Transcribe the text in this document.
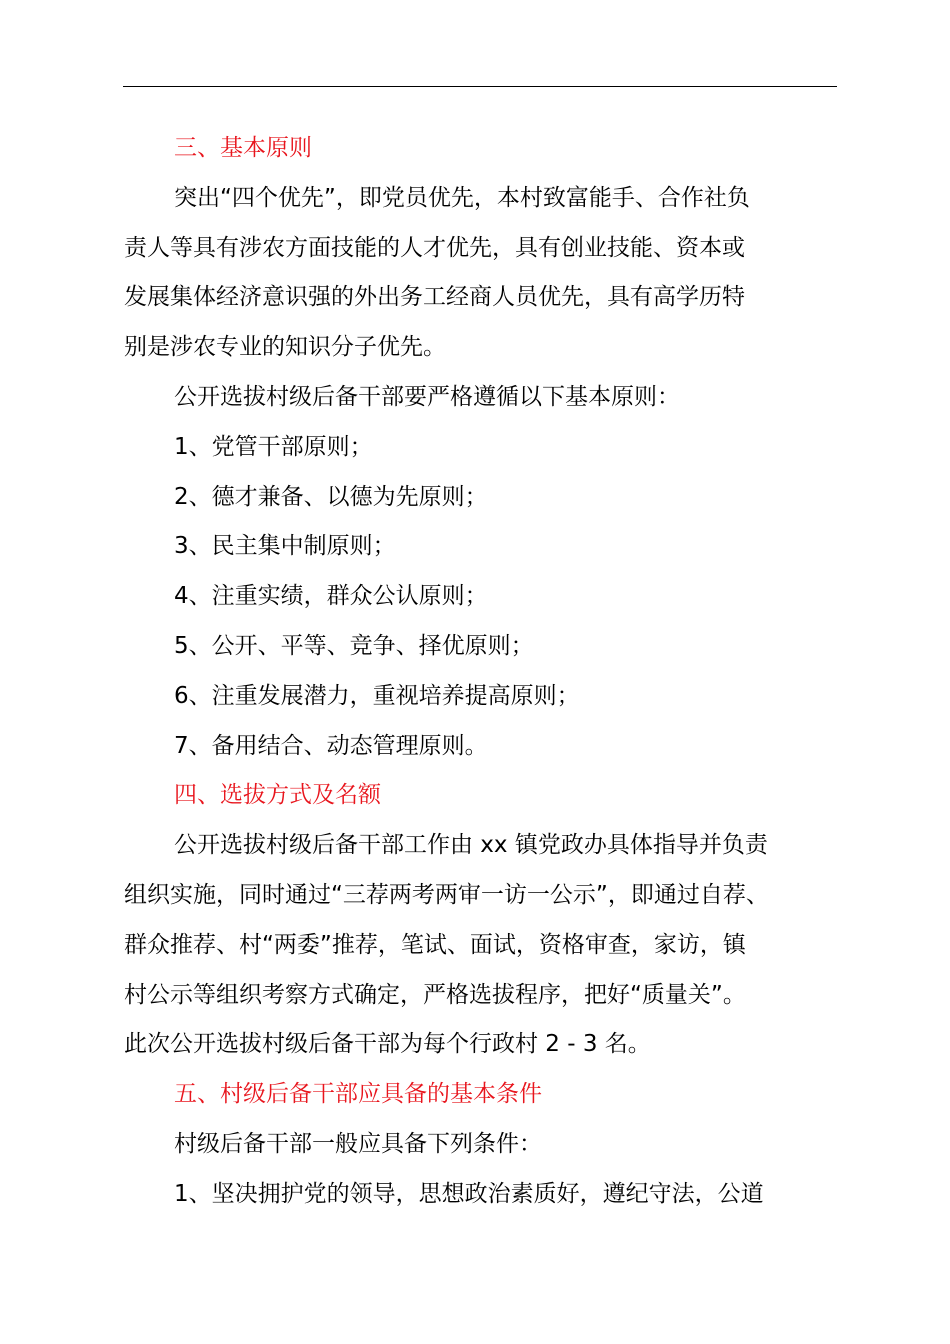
三、基本原则
突出“四个优先”，即党员优先，本村致富能手、合作社负
责人等具有涉农方面技能的人才优先，具有创业技能、资本或
发展集体经济意识强的外出务工经商人员优先，具有高学历特
别是涉农专业的知识分子优先。
公开选拔村级后备干部要严格遵循以下基本原则：
1、党管干部原则；
2、德才兼备、以德为先原则；
3、民主集中制原则；
4、注重实绩，群众公认原则；
5、公开、平等、竞争、择优原则；
6、注重发展潜力，重视培养提高原则；
7、备用结合、动态管理原则。
四、选拔方式及名额
公开选拔村级后备干部工作由 xx 镇党政办具体指导并负责
组织实施，同时通过“三荐两考两审一访一公示”，即通过自荐、
群众推荐、村“两委”推荐，笔试、面试，资格审查，家访，镇
村公示等组织考察方式确定，严格选拔程序，把好“质量关”。
此次公开选拔村级后备干部为每个行政村 2 - 3 名。
五、村级后备干部应具备的基本条件
村级后备干部一般应具备下列条件：
1、坚决拥护党的领导，思想政治素质好，遵纪守法，公道
